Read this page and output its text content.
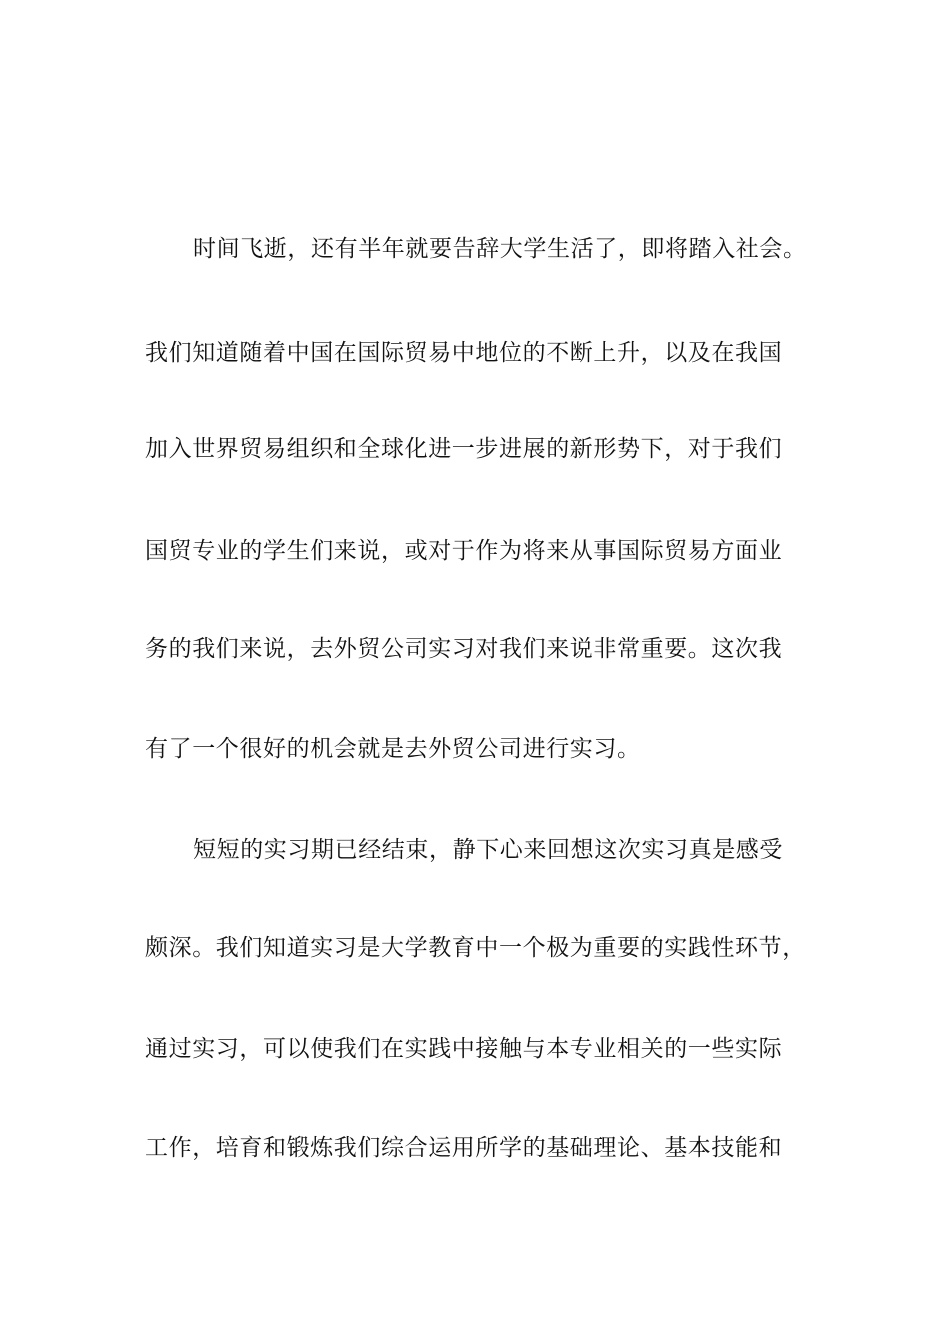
时间飞逝，还有半年就要告辞大学生活了，即将踏入社会。
我们知道随着中国在国际贸易中地位的不断上升，以及在我国
加入世界贸易组织和全球化进一步进展的新形势下，对于我们
国贸专业的学生们来说，或对于作为将来从事国际贸易方面业
务的我们来说，去外贸公司实习对我们来说非常重要。这次我
有了一个很好的机会就是去外贸公司进行实习。
短短的实习期已经结束，静下心来回想这次实习真是感受
颇深。我们知道实习是大学教育中一个极为重要的实践性环节，
通过实习，可以使我们在实践中接触与本专业相关的一些实际
工作，培育和锻炼我们综合运用所学的基础理论、基本技能和
